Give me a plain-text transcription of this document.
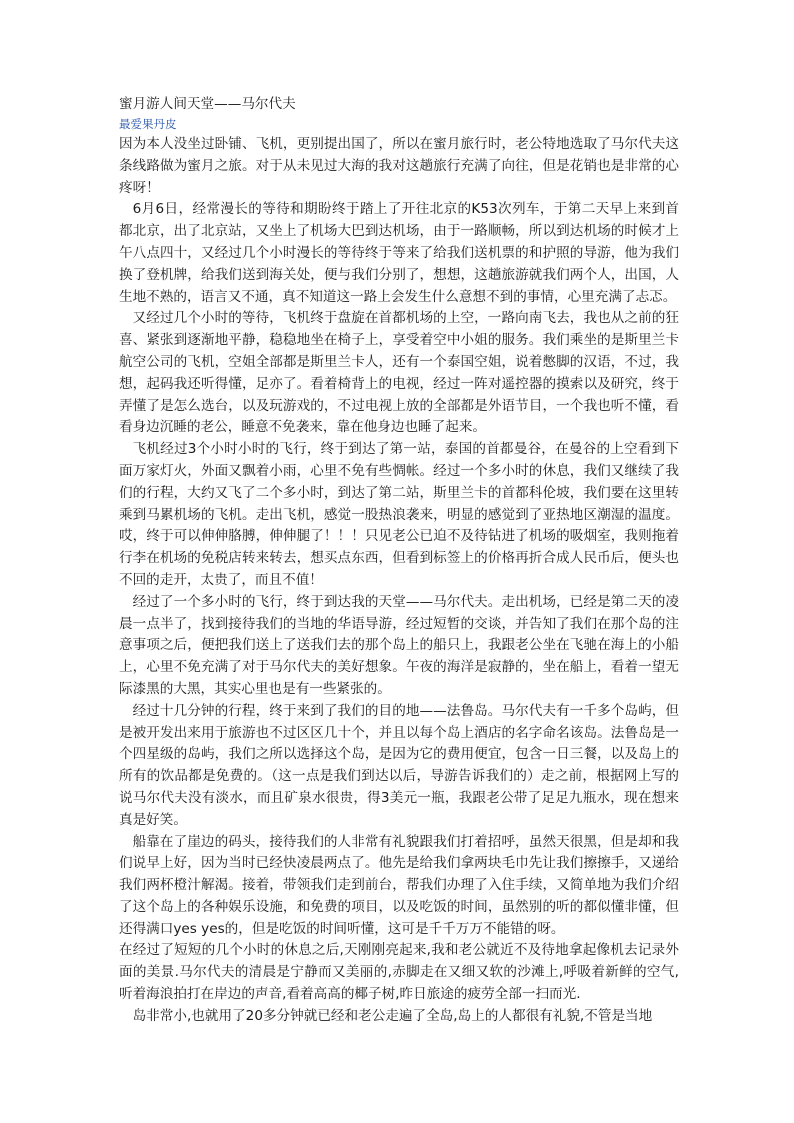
蜜月游人间天堂——马尔代夫
最爱果丹皮

因为本人没坐过卧铺、飞机，更别提出国了，所以在蜜月旅行时，老公特地选取了马尔代夫这条线路做为蜜月之旅。对于从未见过大海的我对这趟旅行充满了向往，但是花销也是非常的心疼呀！

6月6日，经常漫长的等待和期盼终于踏上了开往北京的K53次列车，于第二天早上来到首都北京，出了北京站，又坐上了机场大巴到达机场，由于一路顺畅，所以到达机场的时候才上午八点四十，又经过几个小时漫长的等待终于等来了给我们送机票的和护照的导游，他为我们换了登机牌，给我们送到海关处，便与我们分别了，想想，这趟旅游就我们两个人，出国，人生地不熟的，语言又不通，真不知道这一路上会发生什么意想不到的事情，心里充满了忐忑。

又经过几个小时的等待，飞机终于盘旋在首都机场的上空，一路向南飞去，我也从之前的狂喜、紧张到逐渐地平静，稳稳地坐在椅子上，享受着空中小姐的服务。我们乘坐的是斯里兰卡航空公司的飞机，空姐全部都是斯里兰卡人，还有一个泰国空姐，说着憋脚的汉语，不过，我想，起码我还听得懂，足亦了。看着椅背上的电视，经过一阵对遥控器的摸索以及研究，终于弄懂了是怎么选台，以及玩游戏的，不过电视上放的全部都是外语节目，一个我也听不懂，看看身边沉睡的老公，睡意不免袭来，靠在他身边也睡了起来。

飞机经过3个小时小时的飞行，终于到达了第一站，泰国的首都曼谷，在曼谷的上空看到下面万家灯火，外面又飘着小雨，心里不免有些惆帐。经过一个多小时的休息，我们又继续了我们的行程，大约又飞了二个多小时，到达了第二站，斯里兰卡的首都科伦坡，我们要在这里转乘到马累机场的飞机。走出飞机，感觉一股热浪袭来，明显的感觉到了亚热地区潮湿的温度。哎，终于可以伸伸胳膊，伸伸腿了！！！只见老公已迫不及待钻进了机场的吸烟室，我则拖着行李在机场的免税店转来转去，想买点东西，但看到标签上的价格再折合成人民币后，便头也不回的走开，太贵了，而且不值！

经过了一个多小时的飞行，终于到达我的天堂——马尔代夫。走出机场，已经是第二天的凌晨一点半了，找到接待我们的当地的华语导游，经过短暂的交谈，并告知了我们在那个岛的注意事项之后，便把我们送上了送我们去的那个岛上的船只上，我跟老公坐在飞驰在海上的小船上，心里不免充满了对于马尔代夫的美好想象。午夜的海洋是寂静的，坐在船上，看着一望无际漆黑的大黑，其实心里也是有一些紧张的。

经过十几分钟的行程，终于来到了我们的目的地——法鲁岛。马尔代夫有一千多个岛屿，但是被开发出来用于旅游也不过区区几十个，并且以每个岛上酒店的名字命名该岛。法鲁岛是一个四星级的岛屿，我们之所以选择这个岛，是因为它的费用便宜，包含一日三餐，以及岛上的所有的饮品都是免费的。（这一点是我们到达以后，导游告诉我们的）走之前，根据网上写的说马尔代夫没有淡水，而且矿泉水很贵，得3美元一瓶，我跟老公带了足足九瓶水，现在想来真是好笑。

船靠在了崖边的码头，接待我们的人非常有礼貌跟我们打着招呼，虽然天很黑，但是却和我们说早上好，因为当时已经快凌晨两点了。他先是给我们拿两块毛巾先让我们擦擦手，又递给我们两杯橙汁解渴。接着，带领我们走到前台，帮我们办理了入住手续，又简单地为我们介绍了这个岛上的各种娱乐设施，和免费的项目，以及吃饭的时间，虽然别的听的都似懂非懂，但还得满口yes yes的，但是吃饭的时间听懂，这可是千千万万不能错的呀。

在经过了短短的几个小时的休息之后,天刚刚亮起来,我和老公就近不及待地拿起像机去记录外面的美景.马尔代夫的清晨是宁静而又美丽的,赤脚走在又细又软的沙滩上,呼吸着新鲜的空气,听着海浪拍打在岸边的声音,看着高高的椰子树,昨日旅途的疲劳全部一扫而光.

岛非常小,也就用了20多分钟就已经和老公走遍了全岛,岛上的人都很有礼貌,不管是当地
